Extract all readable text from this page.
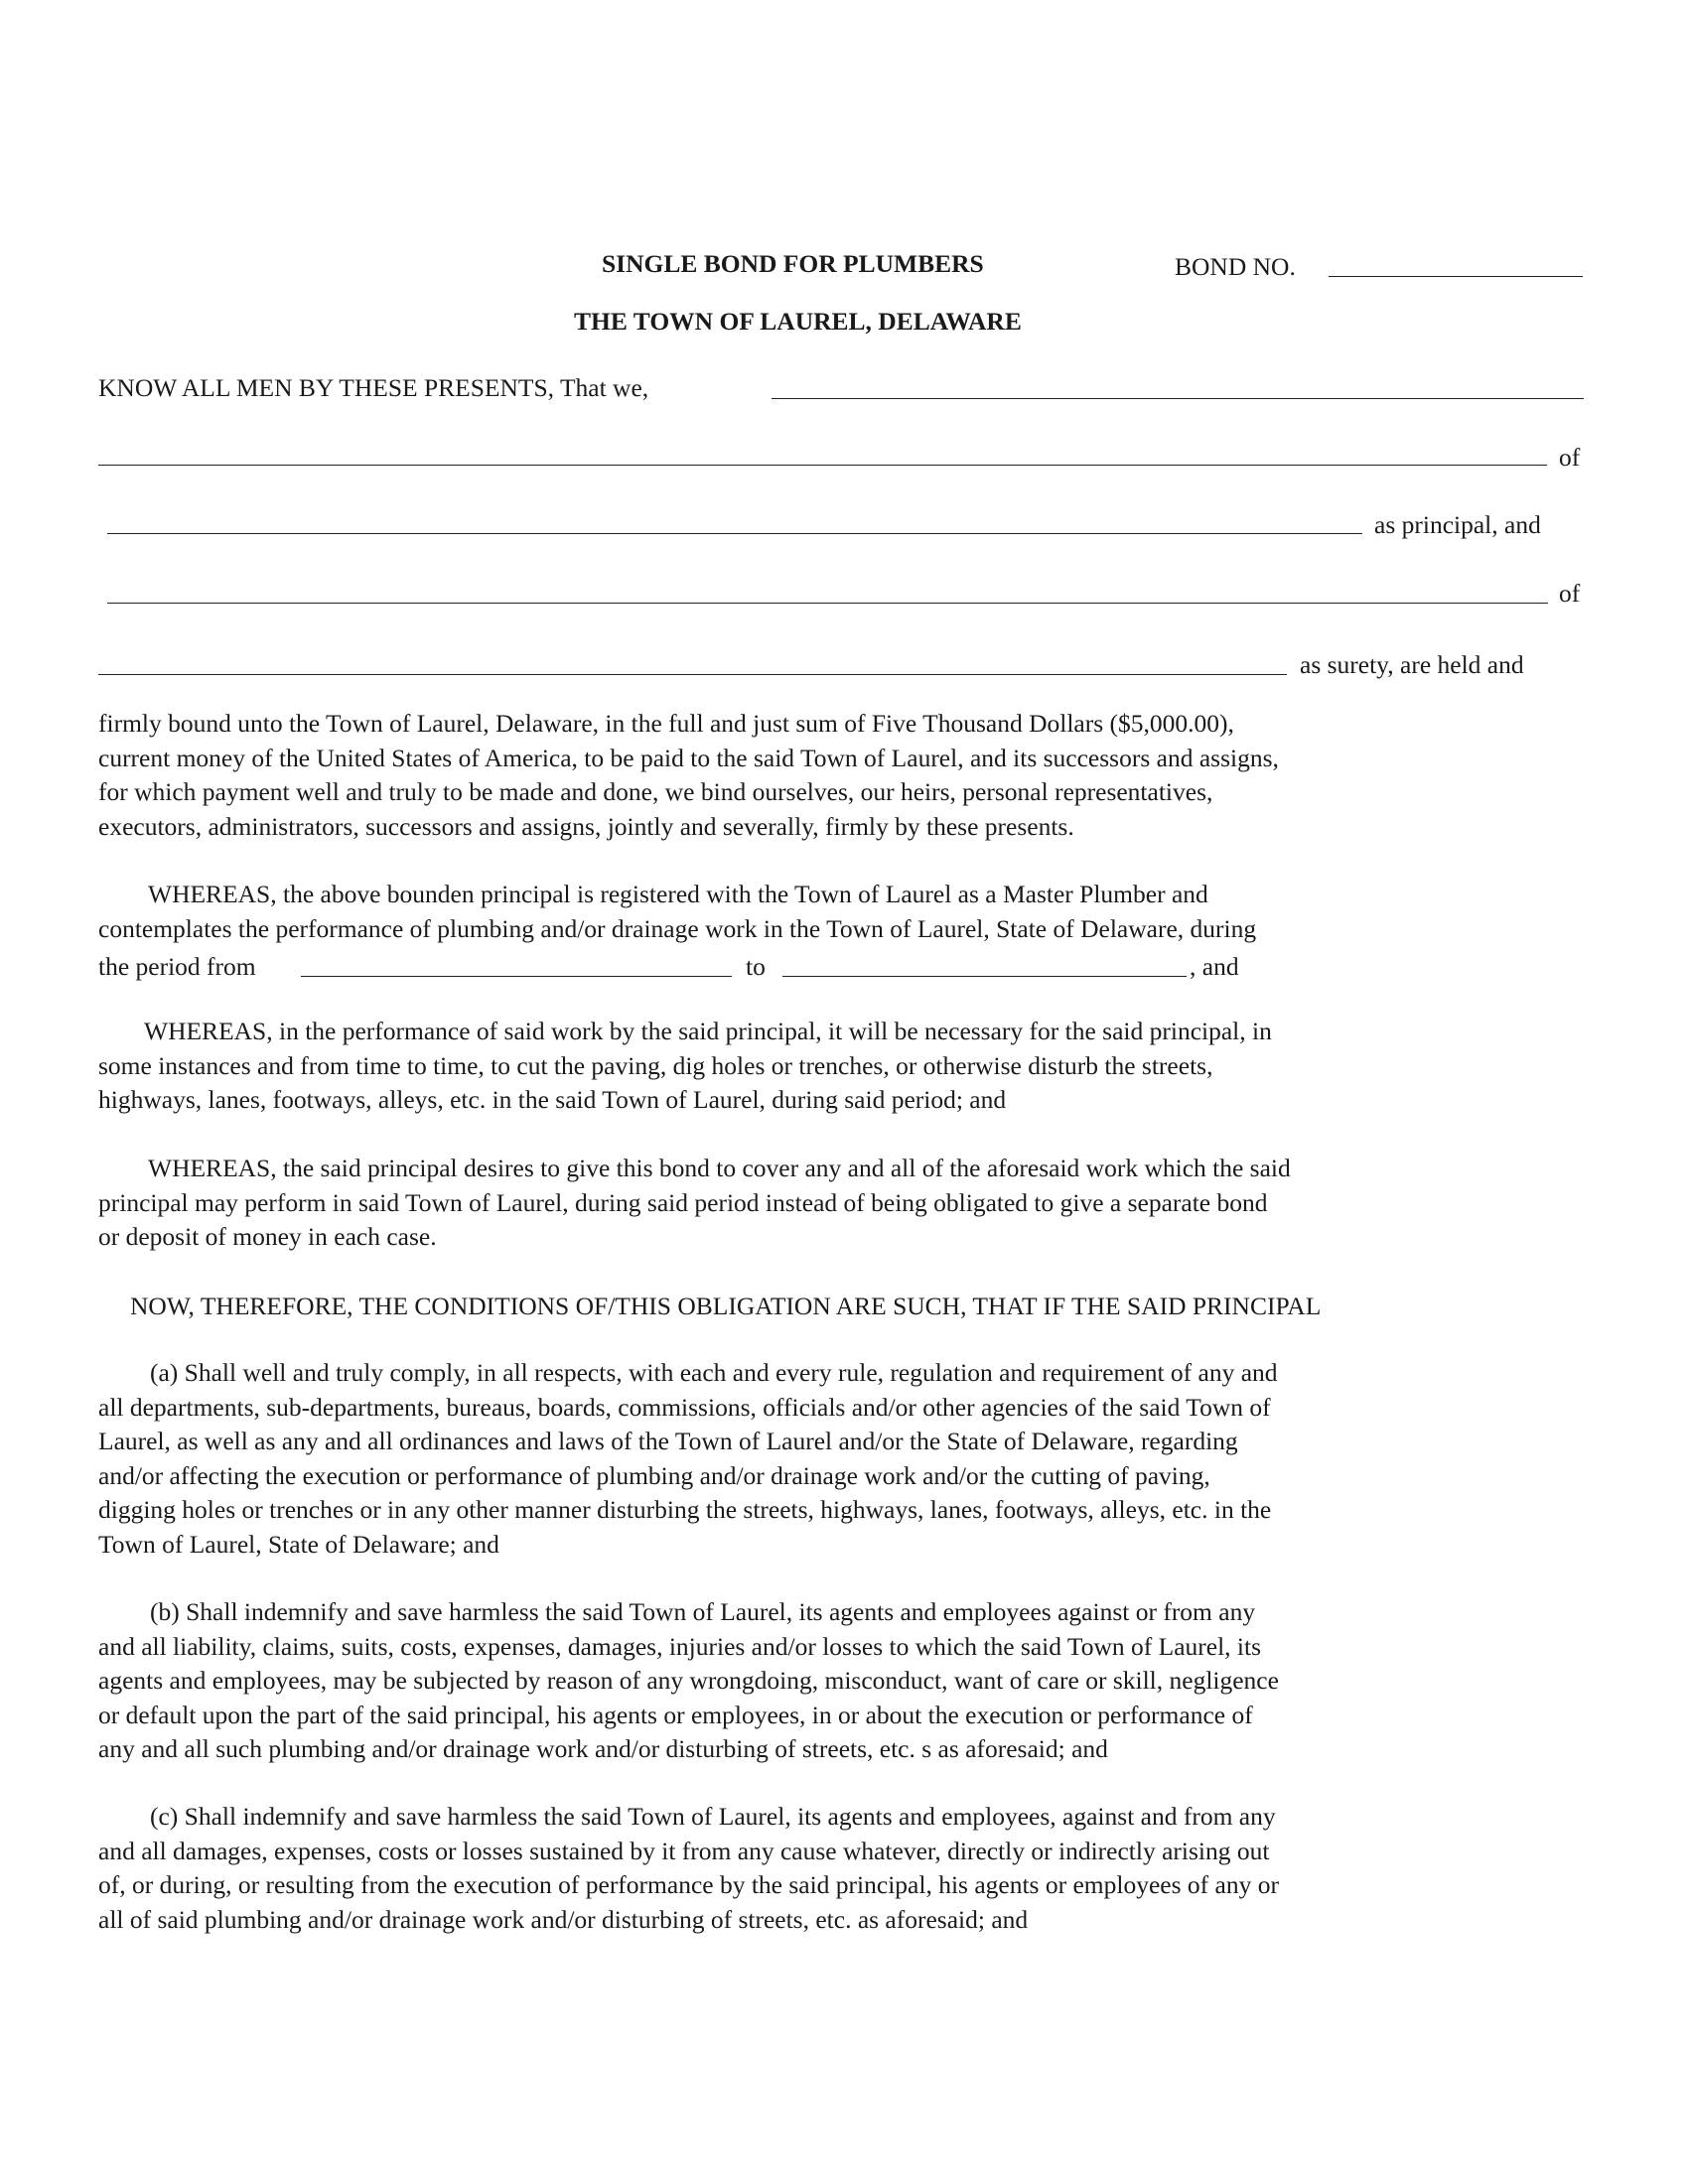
SINGLE BOND FOR PLUMBERS	BOND NO.
THE TOWN OF LAUREL, DELAWARE
KNOW ALL MEN BY THESE PRESENTS, That we,
of
as principal, and
of
as surety, are held and
firmly bound unto the Town of Laurel, Delaware, in the full and just sum of Five Thousand Dollars ($5,000.00),
current money of the United States of America, to be paid to the said Town of Laurel, and its successors and assigns,
for which payment well and truly to be made and done, we bind ourselves, our heirs, personal representatives,
executors, administrators, successors and assigns, jointly and severally, firmly by these presents.
WHEREAS, the above bounden principal is registered with the Town of Laurel as a Master Plumber and
contemplates the performance of plumbing and/or drainage work in the Town of Laurel, State of Delaware, during
the period from	to	, and
WHEREAS, in the performance of said work by the said principal, it will be necessary for the said principal, in
some instances and from time to time, to cut the paving, dig holes or trenches, or otherwise disturb the streets,
highways, lanes, footways, alleys, etc. in the said Town of Laurel, during said period; and
WHEREAS, the said principal desires to give this bond to cover any and all of the aforesaid work which the said
principal may perform in said Town of Laurel, during said period instead of being obligated to give a separate bond
or deposit of money in each case.
NOW, THEREFORE, THE CONDITIONS OF/THIS OBLIGATION ARE SUCH, THAT IF THE SAID PRINCIPAL
(a) Shall well and truly comply, in all respects, with each and every rule, regulation and requirement of any and
all departments, sub-departments, bureaus, boards, commissions, officials and/or other agencies of the said Town of
Laurel, as well as any and all ordinances and laws of the Town of Laurel and/or the State of Delaware, regarding
and/or affecting the execution or performance of plumbing and/or drainage work and/or the cutting of paving,
digging holes or trenches or in any other manner disturbing the streets, highways, lanes, footways, alleys, etc. in the
Town of Laurel, State of Delaware; and
(b) Shall indemnify and save harmless the said Town of Laurel, its agents and employees against or from any
and all liability, claims, suits, costs, expenses, damages, injuries and/or losses to which the said Town of Laurel, its
agents and employees, may be subjected by reason of any wrongdoing, misconduct, want of care or skill, negligence
or default upon the part of the said principal, his agents or employees, in or about the execution or performance of
any and all such plumbing and/or drainage work and/or disturbing of streets, etc. s as aforesaid; and
(c) Shall indemnify and save harmless the said Town of Laurel, its agents and employees, against and from any
and all damages, expenses, costs or losses sustained by it from any cause whatever, directly or indirectly arising out
of, or during, or resulting from the execution of performance by the said principal, his agents or employees of any or
all of said plumbing and/or drainage work and/or disturbing of streets, etc. as aforesaid; and
